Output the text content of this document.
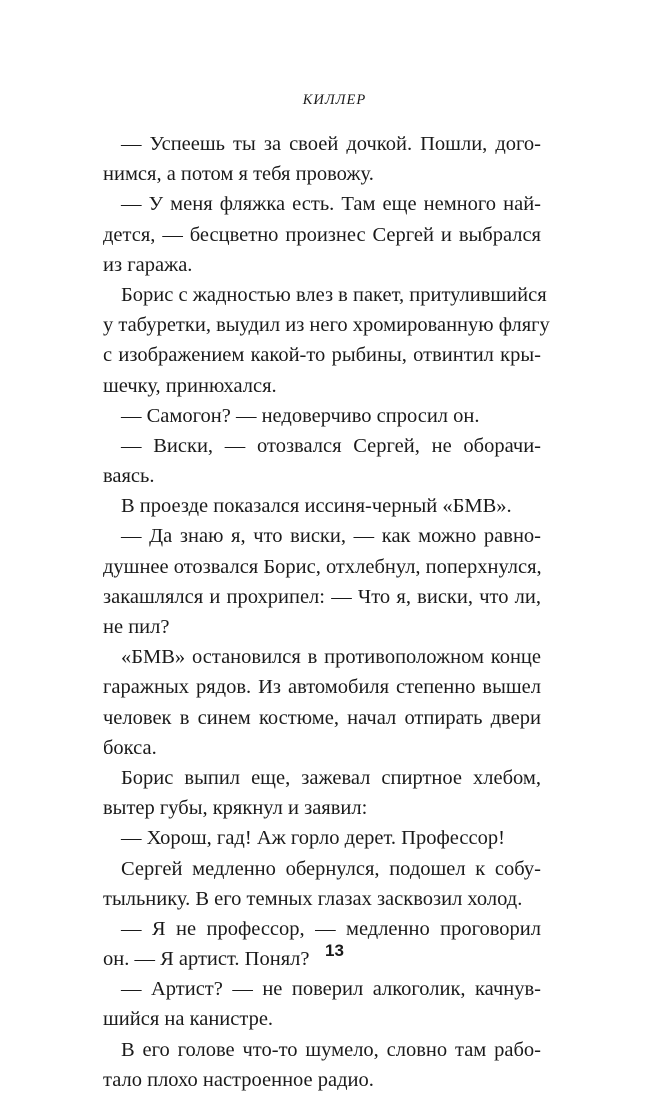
КИЛЛЕР
— Успеешь ты за своей дочкой. Пошли, дого-
нимся, а потом я тебя провожу.
— У меня фляжка есть. Там еще немного най-
дется, — бесцветно произнес Сергей и выбрался
из гаража.
Борис с жадностью влез в пакет, притулившийся
у табуретки, выудил из него хромированную флягу
с изображением какой-то рыбины, отвинтил кры-
шечку, принюхался.
— Самогон? — недоверчиво спросил он.
— Виски, — отозвался Сергей, не оборачи-
ваясь.
В проезде показался иссиня-черный «БМВ».
— Да знаю я, что виски, — как можно равно-
душнее отозвался Борис, отхлебнул, поперхнулся,
закашлялся и прохрипел: — Что я, виски, что ли,
не пил?
«БМВ» остановился в противоположном конце
гаражных рядов. Из автомобиля степенно вышел
человек в синем костюме, начал отпирать двери
бокса.
Борис выпил еще, зажевал спиртное хлебом,
вытер губы, крякнул и заявил:
— Хорош, гад! Аж горло дерет. Профессор!
Сергей медленно обернулся, подошел к собу-
тыльнику. В его темных глазах засквозил холод.
— Я не профессор, — медленно проговорил
он. — Я артист. Понял?
— Артист? — не поверил алкоголик, качнув-
шийся на канистре.
В его голове что-то шумело, словно там рабо-
тало плохо настроенное радио.
13
